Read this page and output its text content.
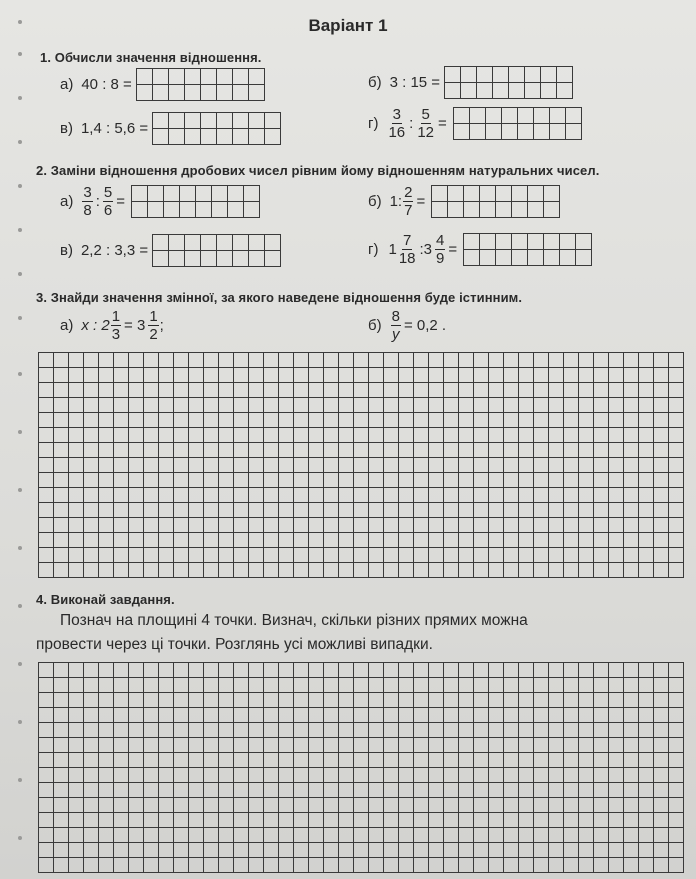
Варіант 1
1. Обчисли значення відношення.
а) 40 : 8 =	б) 3 : 15 =
в) 1,4 : 5,6 =	$г) \frac{3}{16}$ : $\frac{5}{12}$ =
2. Заміни відношення дробових чисел рівним йому відношенням натуральних чисел.
$а) \frac{3}{8}$ : $\frac{5}{6}$ =	б) 1: $\frac{2}{7}$ =
в) 2,2 : 3,3 =	г) $1 \frac{7}{18}$ :3 $\frac{4}{9}$ =
3. Знайди значення змінної, за якого наведене відношення буде істинним.
а) x : $2 \frac{1}{3} = 3 \frac{1}{2}$ ;	$б) \frac{8}{y} = 0,2$ .
4. Виконай завдання.
Познач на площині 4 точки. Визнач, скільки різних прямих можна
провести через ці точки. Розглянь усі можливі випадки.
